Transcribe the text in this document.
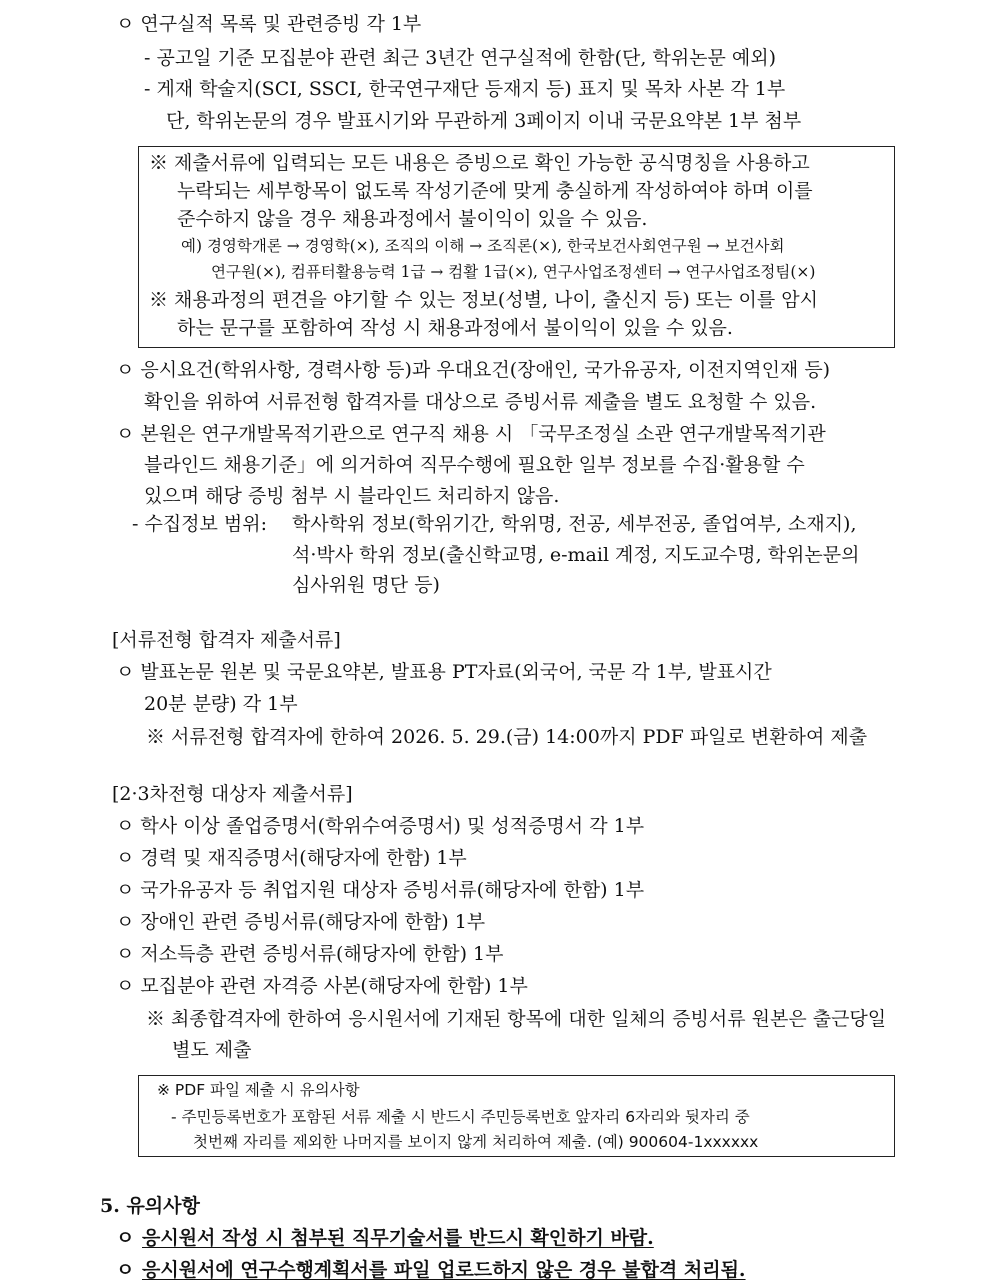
ㅇ 연구실적 목록 및 관련증빙 각 1부
- 공고일 기준 모집분야 관련 최근 3년간 연구실적에 한함(단, 학위논문 예외)
- 게재 학술지(SCI, SSCI, 한국연구재단 등재지 등) 표지 및 목차 사본 각 1부
단, 학위논문의 경우 발표시기와 무관하게 3페이지 이내 국문요약본 1부 첨부
※ 제출서류에 입력되는 모든 내용은 증빙으로 확인 가능한 공식명칭을 사용하고
누락되는 세부항목이 없도록 작성기준에 맞게 충실하게 작성하여야 하며 이를
준수하지 않을 경우 채용과정에서 불이익이 있을 수 있음.
예) 경영학개론 → 경영학(×), 조직의 이해 → 조직론(×), 한국보건사회연구원 → 보건사회
연구원(×), 컴퓨터활용능력 1급 → 컴활 1급(×), 연구사업조정센터 → 연구사업조정팀(×)
※ 채용과정의 편견을 야기할 수 있는 정보(성별, 나이, 출신지 등) 또는 이를 암시
하는 문구를 포함하여 작성 시 채용과정에서 불이익이 있을 수 있음.
ㅇ 응시요건(학위사항, 경력사항 등)과 우대요건(장애인, 국가유공자, 이전지역인재 등)
확인을 위하여 서류전형 합격자를 대상으로 증빙서류 제출을 별도 요청할 수 있음.
ㅇ 본원은 연구개발목적기관으로 연구직 채용 시 「국무조정실 소관 연구개발목적기관
블라인드 채용기준」에 의거하여 직무수행에 필요한 일부 정보를 수집·활용할 수
있으며 해당 증빙 첨부 시 블라인드 처리하지 않음.
- 수집정보 범위: 학사학위 정보(학위기간, 학위명, 전공, 세부전공, 졸업여부, 소재지),
석·박사 학위 정보(출신학교명, e-mail 계정, 지도교수명, 학위논문의
심사위원 명단 등)
[서류전형 합격자 제출서류]
ㅇ 발표논문 원본 및 국문요약본, 발표용 PT자료(외국어, 국문 각 1부, 발표시간
20분 분량) 각 1부
※ 서류전형 합격자에 한하여 2026. 5. 29.(금) 14:00까지 PDF 파일로 변환하여 제출
[2·3차전형 대상자 제출서류]
ㅇ 학사 이상 졸업증명서(학위수여증명서) 및 성적증명서 각 1부
ㅇ 경력 및 재직증명서(해당자에 한함) 1부
ㅇ 국가유공자 등 취업지원 대상자 증빙서류(해당자에 한함) 1부
ㅇ 장애인 관련 증빙서류(해당자에 한함) 1부
ㅇ 저소득층 관련 증빙서류(해당자에 한함) 1부
ㅇ 모집분야 관련 자격증 사본(해당자에 한함) 1부
※ 최종합격자에 한하여 응시원서에 기재된 항목에 대한 일체의 증빙서류 원본은 출근당일
별도 제출
※ PDF 파일 제출 시 유의사항
- 주민등록번호가 포함된 서류 제출 시 반드시 주민등록번호 앞자리 6자리와 뒷자리 중
첫번째 자리를 제외한 나머지를 보이지 않게 처리하여 제출. (예) 900604-1xxxxxx
5. 유의사항
ㅇ 응시원서 작성 시 첨부된 직무기술서를 반드시 확인하기 바람.
ㅇ 응시원서에 연구수행계획서를 파일 업로드하지 않은 경우 불합격 처리됨.
